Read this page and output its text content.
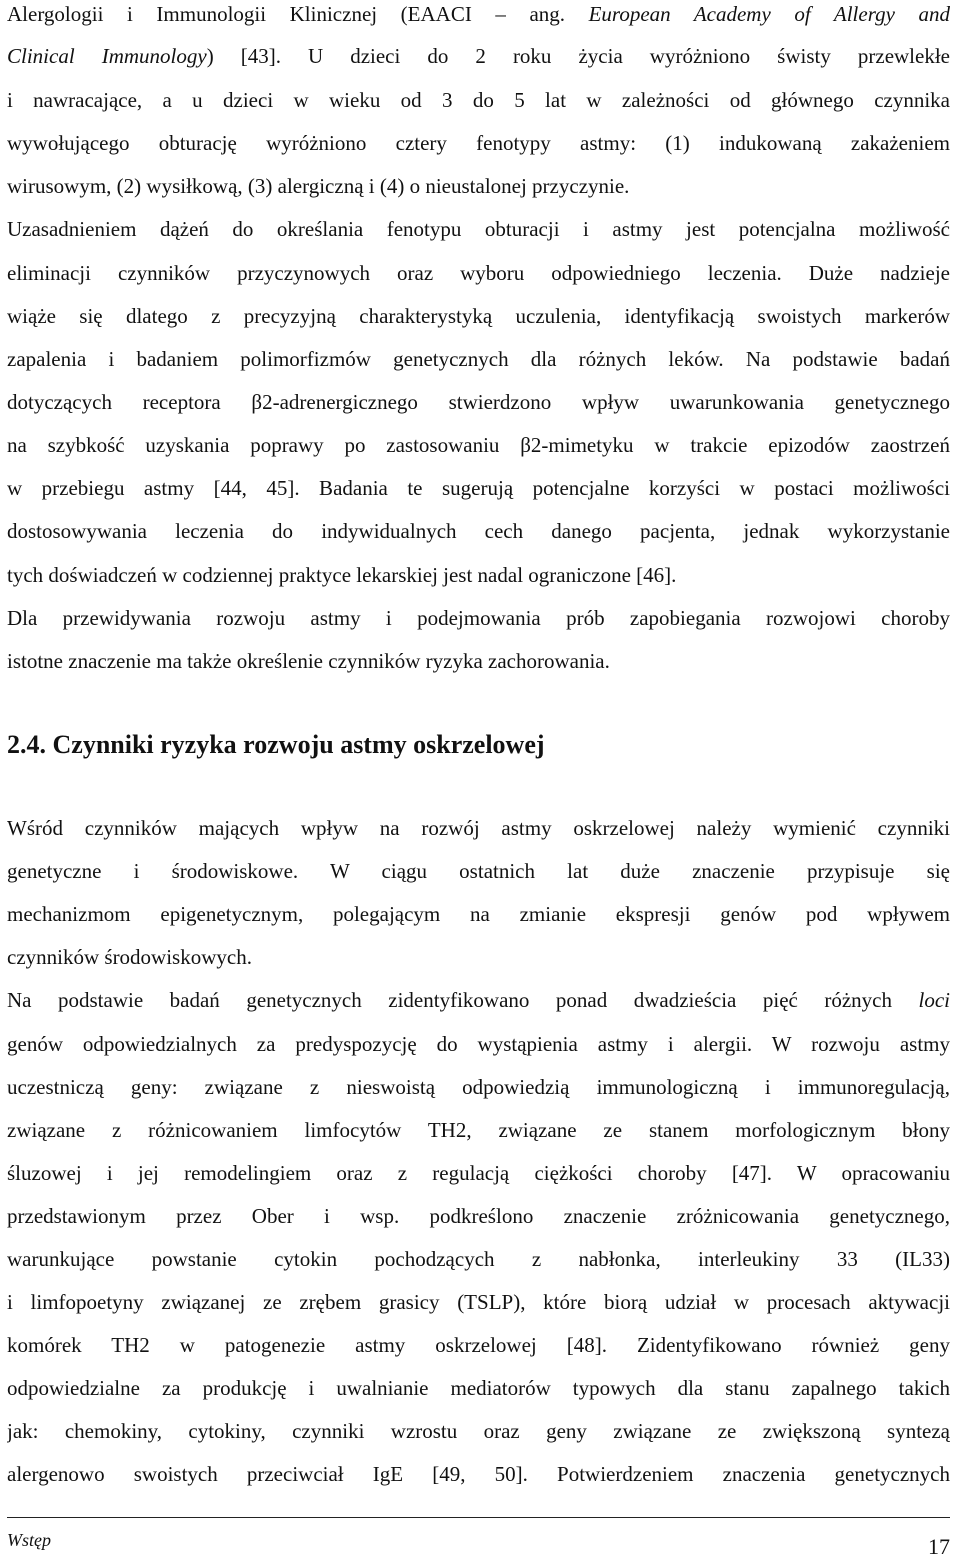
Alergologii i Immunologii Klinicznej (EAACI – ang. European Academy of Allergy and
Clinical Immunology) [43]. U dzieci do 2 roku życia wyróżniono świsty przewlekłe
i nawracające, a u dzieci w wieku od 3 do 5 lat w zależności od głównego czynnika
wywołującego obturację wyróżniono cztery fenotypy astmy: (1) indukowaną zakażeniem
wirusowym, (2) wysiłkową, (3) alergiczną i (4) o nieustalonej przyczynie.
Uzasadnieniem dążeń do określania fenotypu obturacji i astmy jest potencjalna możliwość
eliminacji czynników przyczynowych oraz wyboru odpowiedniego leczenia. Duże nadzieje
wiąże się dlatego z precyzyjną charakterystyką uczulenia, identyfikacją swoistych markerów
zapalenia i badaniem polimorfizmów genetycznych dla różnych leków. Na podstawie badań
dotyczących receptora β2-adrenergicznego stwierdzono wpływ uwarunkowania genetycznego
na szybkość uzyskania poprawy po zastosowaniu β2-mimetyku w trakcie epizodów zaostrzeń
w przebiegu astmy [44, 45]. Badania te sugerują potencjalne korzyści w postaci możliwości
dostosowywania leczenia do indywidualnych cech danego pacjenta, jednak wykorzystanie
tych doświadczeń w codziennej praktyce lekarskiej jest nadal ograniczone [46].
Dla przewidywania rozwoju astmy i podejmowania prób zapobiegania rozwojowi choroby
istotne znaczenie ma także określenie czynników ryzyka zachorowania.
2.4. Czynniki ryzyka rozwoju astmy oskrzelowej
Wśród czynników mających wpływ na rozwój astmy oskrzelowej należy wymienić czynniki
genetyczne i środowiskowe. W ciągu ostatnich lat duże znaczenie przypisuje się
mechanizmom epigenetycznym, polegającym na zmianie ekspresji genów pod wpływem
czynników środowiskowych.
Na podstawie badań genetycznych zidentyfikowano ponad dwadzieścia pięć różnych loci
genów odpowiedzialnych za predyspozycję do wystąpienia astmy i alergii. W rozwoju astmy
uczestniczą geny: związane z nieswoistą odpowiedzią immunologiczną i immunoregulacją,
związane z różnicowaniem limfocytów TH2, związane ze stanem morfologicznym błony
śluzowej i jej remodelingiem oraz z regulacją ciężkości choroby [47]. W opracowaniu
przedstawionym przez Ober i wsp. podkreślono znaczenie zróżnicowania genetycznego,
warunkujące powstanie cytokin pochodzących z nabłonka, interleukiny 33 (IL33)
i limfopoetyny związanej ze zrębem grasicy (TSLP), które biorą udział w procesach aktywacji
komórek TH2 w patogenezie astmy oskrzelowej [48]. Zidentyfikowano również geny
odpowiedzialne za produkcję i uwalnianie mediatorów typowych dla stanu zapalnego takich
jak: chemokiny, cytokiny, czynniki wzrostu oraz geny związane ze zwiększoną syntezą
alergenowo swoistych przeciwciał IgE [49, 50]. Potwierdzeniem znaczenia genetycznych
Wstęp	17
